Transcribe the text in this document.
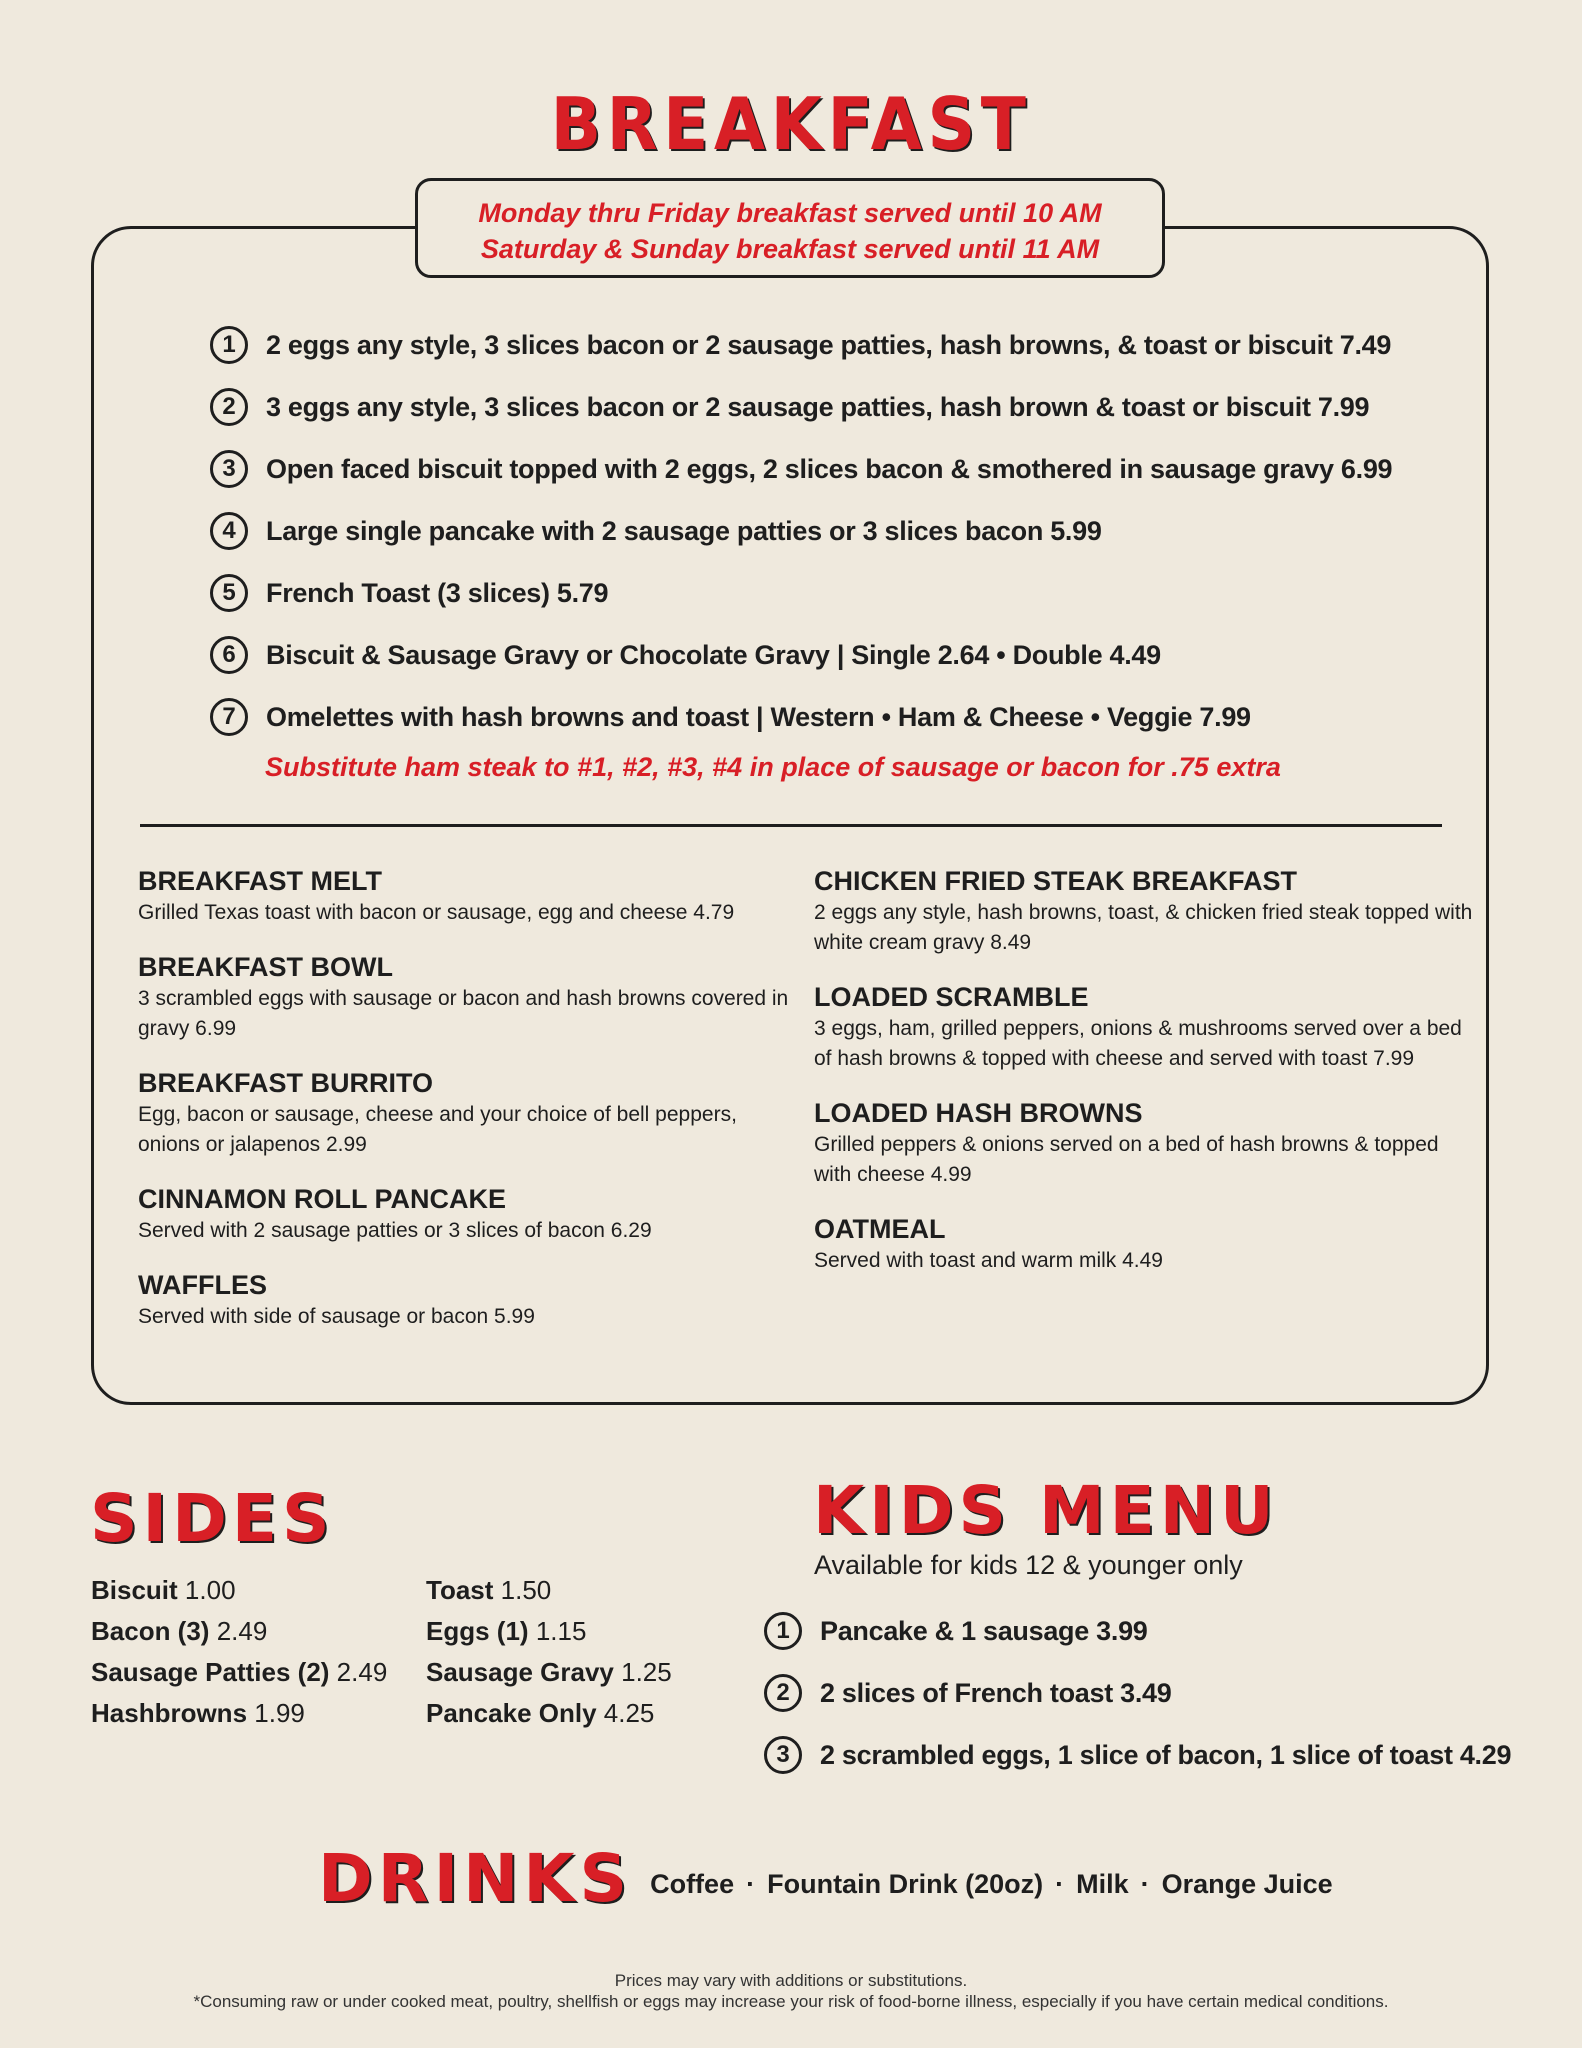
BREAKFAST
Monday thru Friday breakfast served until 10 AM
Saturday & Sunday breakfast served until 11 AM
1	2 eggs any style, 3 slices bacon or 2 sausage patties, hash browns, & toast or biscuit 7.49
2	3 eggs any style, 3 slices bacon or 2 sausage patties, hash brown & toast or biscuit 7.99
3	Open faced biscuit topped with 2 eggs, 2 slices bacon & smothered in sausage gravy 6.99
4	Large single pancake with 2 sausage patties or 3 slices bacon 5.99
5	French Toast (3 slices) 5.79
6	Biscuit & Sausage Gravy or Chocolate Gravy | Single 2.64 • Double 4.49
7	Omelettes with hash browns and toast | Western • Ham & Cheese • Veggie 7.99
Substitute ham steak to #1, #2, #3, #4 in place of sausage or bacon for .75 extra
BREAKFAST MELT
Grilled Texas toast with bacon or sausage, egg and cheese 4.79
BREAKFAST BOWL
3 scrambled eggs with sausage or bacon and hash browns covered in gravy 6.99
BREAKFAST BURRITO
Egg, bacon or sausage, cheese and your choice of bell peppers, onions or jalapenos 2.99
CINNAMON ROLL PANCAKE
Served with 2 sausage patties or 3 slices of bacon 6.29
WAFFLES
Served with side of sausage or bacon 5.99
CHICKEN FRIED STEAK BREAKFAST
2 eggs any style, hash browns, toast, & chicken fried steak topped with white cream gravy 8.49
LOADED SCRAMBLE
3 eggs, ham, grilled peppers, onions & mushrooms served over a bed of hash browns & topped with cheese and served with toast 7.99
LOADED HASH BROWNS
Grilled peppers & onions served on a bed of hash browns & topped with cheese 4.99
OATMEAL
Served with toast and warm milk 4.49
SIDES
Biscuit 1.00
Bacon (3) 2.49
Sausage Patties (2) 2.49
Hashbrowns 1.99
Toast 1.50
Eggs (1) 1.15
Sausage Gravy 1.25
Pancake Only 4.25
KIDS MENU
Available for kids 12 & younger only
1	Pancake & 1 sausage 3.99
2	2 slices of French toast 3.49
3	2 scrambled eggs, 1 slice of bacon, 1 slice of toast 4.29
DRINKS Coffee · Fountain Drink (20oz) · Milk · Orange Juice
Prices may vary with additions or substitutions.
*Consuming raw or under cooked meat, poultry, shellfish or eggs may increase your risk of food-borne illness, especially if you have certain medical conditions.
